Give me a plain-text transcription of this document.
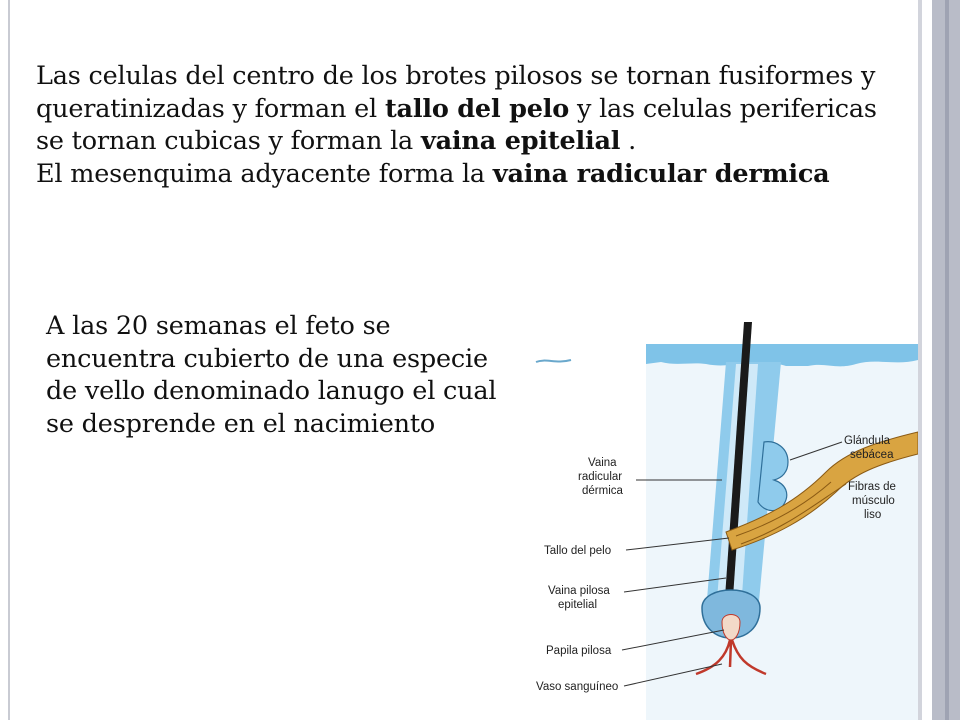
Las celulas del centro de los brotes pilosos se tornan fusiformes y queratinizadas y forman el tallo del pelo y las celulas perifericas se tornan cubicas y forman la vaina epitelial .

El mesenquima adyacente forma la vaina radicular dermica

A las 20 semanas el feto se encuentra cubierto de una especie de vello denominado lanugo el cual se desprende en el nacimiento
Vaina
radicular
dérmica
Tallo del pelo
Vaina pilosa
epitelial
Papila pilosa
Vaso sanguíneo
Glándula
sebácea
Fibras de
músculo
liso
